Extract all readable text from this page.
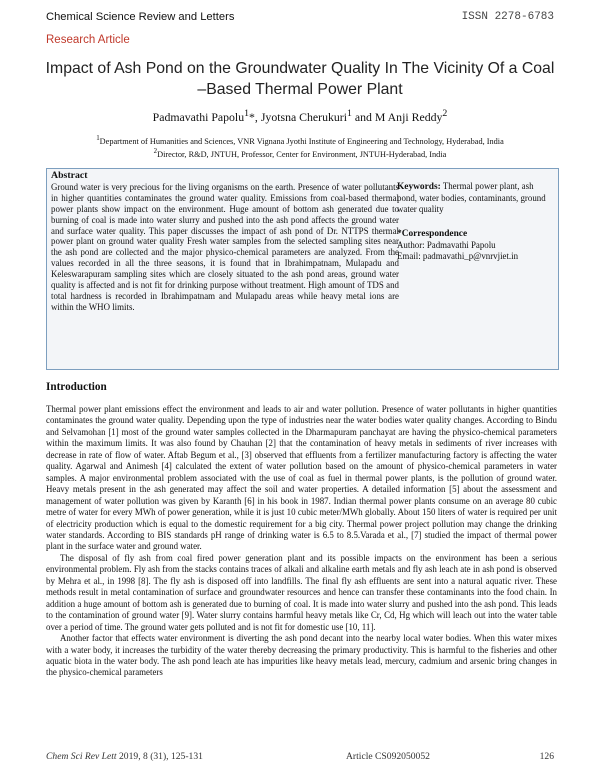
Chemical Science Review and Letters	ISSN 2278-6783
Research Article
Impact of Ash Pond on the Groundwater Quality In The Vicinity Of a Coal –Based Thermal Power Plant
Padmavathi Papolu$^1$*, Jyotsna Cherukuri$^1$ and M Anji Reddy$^2$
$^1$Department of Humanities and Sciences, VNR Vignana Jyothi Institute of Engineering and Technology, Hyderabad, India
$^2$Director, R&D, JNTUH, Professor, Center for Environment, JNTUH-Hyderabad, India
Abstract
Ground water is very precious for the living organisms on the earth. Presence of water pollutants in higher quantities contaminates the ground water quality. Emissions from coal-based thermal power plants show impact on the environment. Huge amount of bottom ash generated due to burning of coal is made into water slurry and pushed into the ash pond affects the ground water and surface water quality. This paper discusses the impact of ash pond of Dr. NTTPS thermal power plant on ground water quality Fresh water samples from the selected sampling sites near the ash pond are collected and the major physico-chemical parameters are analyzed. From the values recorded in all the three seasons, it is found that in Ibrahimpatnam, Mulapadu and Keleswarapuram sampling sites which are closely situated to the ash pond areas, ground water quality is affected and is not fit for drinking purpose without treatment. High amount of TDS and total hardness is recorded in Ibrahimpatnam and Mulapadu areas while heavy metal ions are within the WHO limits.
Keywords: Thermal power plant, ash pond, water bodies, contaminants, ground water quality
*Correspondence
Author: Padmavathi Papolu
Email: padmavathi_p@vnrvjiet.in
Introduction

Thermal power plant emissions effect the environment and leads to air and water pollution. Presence of water pollutants in higher quantities contaminates the ground water quality. Depending upon the type of industries near the water bodies water quality changes. According to Bindu and Selvamohan [1] most of the ground water samples collected in the Dharmapuram panchayat are having the physico-chemical parameters within the maximum limits. It was also found by Chauhan [2] that the contamination of heavy metals in sediments of river increases with decrease in rate of flow of water. Aftab Begum et al., [3] observed that effluents from a fertilizer manufacturing factory is affecting the water quality. Agarwal and Animesh [4] calculated the extent of water pollution based on the amount of physico-chemical parameters in water samples. A major environmental problem associated with the use of coal as fuel in thermal power plants, is the pollution of ground water. Heavy metals present in the ash generated may affect the soil and water properties. A detailed information [5] about the assessment and management of water pollution was given by Karanth [6] in his book in 1987. Indian thermal power plants consume on an average 80 cubic metre of water for every MWh of power generation, while it is just 10 cubic meter/MWh globally. About 150 liters of water is required per unit of electricity production which is equal to the domestic requirement for a big city. Thermal power project pollution may change the drinking water standards. According to BIS standards pH range of drinking water is 6.5 to 8.5.Varada et al., [7] studied the impact of thermal power plant in the surface water and ground water.

The disposal of fly ash from coal fired power generation plant and its possible impacts on the environment has been a serious environmental problem. Fly ash from the stacks contains traces of alkali and alkaline earth metals and fly ash leach ate in ash pond is observed by Mehra et al., in 1998 [8]. The fly ash is disposed off into landfills. The final fly ash effluents are sent into a natural aquatic river. These methods result in metal contamination of surface and groundwater resources and hence can transfer these contaminants into the food chain. In addition a huge amount of bottom ash is generated due to burning of coal. It is made into water slurry and pushed into the ash pond. This leads to the contamination of ground water [9]. Water slurry contains harmful heavy metals like Cr, Cd, Hg which will leach out into the water table over a period of time. The ground water gets polluted and is not fit for domestic use [10, 11].

Another factor that effects water environment is diverting the ash pond decant into the nearby local water bodies. When this water mixes with a water body, it increases the turbidity of the water thereby decreasing the primary productivity. This is harmful to the fisheries and other aquatic biota in the water body. The ash pond leach ate has impurities like heavy metals lead, mercury, cadmium and arsenic bring changes in the physico-chemical parameters

Chem Sci Rev Lett 2019, 8 (31), 125-131	Article CS092050052	126
